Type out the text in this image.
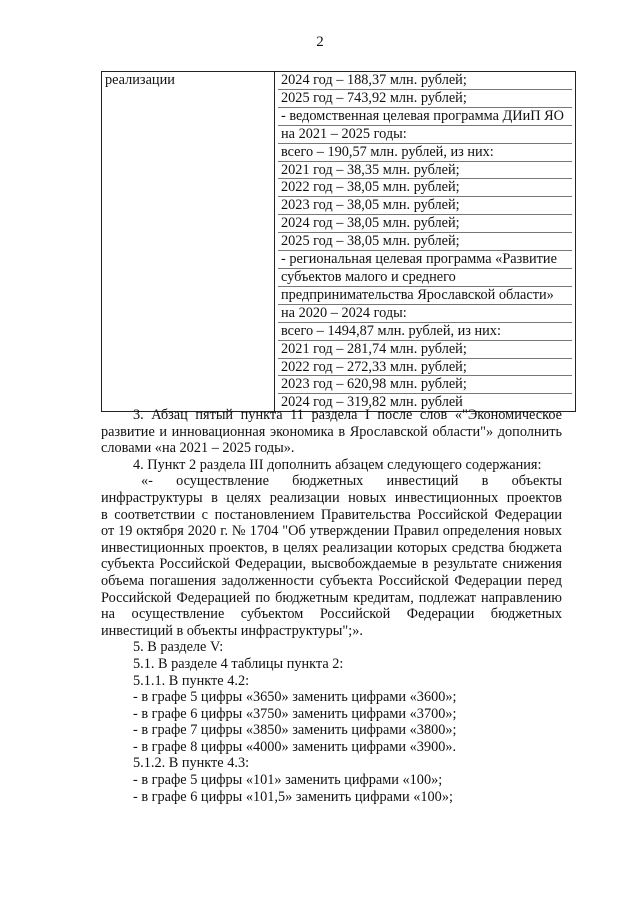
2
реализации	2024 год – 188,37 млн. рублей;
2025 год – 743,92 млн. рублей;
- ведомственная целевая программа ДИиП ЯО
на 2021 – 2025 годы:
всего – 190,57 млн. рублей, из них:
2021 год – 38,35 млн. рублей;
2022 год – 38,05 млн. рублей;
2023 год – 38,05 млн. рублей;
2024 год – 38,05 млн. рублей;
2025 год – 38,05 млн. рублей;
- региональная целевая программа «Развитие
субъектов малого и среднего
предпринимательства Ярославской области»
на 2020 – 2024 годы:
всего – 1494,87 млн. рублей, из них:
2021 год – 281,74 млн. рублей;
2022 год – 272,33 млн. рублей;
2023 год – 620,98 млн. рублей;
2024 год – 319,82 млн. рублей

3. Абзац пятый пункта 11 раздела I после слов «"Экономическое

развитие и инновационная экономика в Ярославской области"» дополнить

словами «на 2021 – 2025 годы».

4. Пункт 2 раздела III дополнить абзацем следующего содержания:

«- осуществление бюджетных инвестиций в объекты

инфраструктуры в целях реализации новых инвестиционных проектов

в соответствии с постановлением Правительства Российской Федерации

от 19 октября 2020 г. № 1704 "Об утверждении Правил определения новых

инвестиционных проектов, в целях реализации которых средства бюджета

субъекта Российской Федерации, высвобождаемые в результате снижения

объема погашения задолженности субъекта Российской Федерации перед

Российской Федерацией по бюджетным кредитам, подлежат направлению

на осуществление субъектом Российской Федерации бюджетных

инвестиций в объекты инфраструктуры";».

5. В разделе V:

5.1. В разделе 4 таблицы пункта 2:

5.1.1. В пункте 4.2:

- в графе 5 цифры «3650» заменить цифрами «3600»;

- в графе 6 цифры «3750» заменить цифрами «3700»;

- в графе 7 цифры «3850» заменить цифрами «3800»;

- в графе 8 цифры «4000» заменить цифрами «3900».

5.1.2. В пункте 4.3:

- в графе 5 цифры «101» заменить цифрами «100»;

- в графе 6 цифры «101,5» заменить цифрами «100»;
